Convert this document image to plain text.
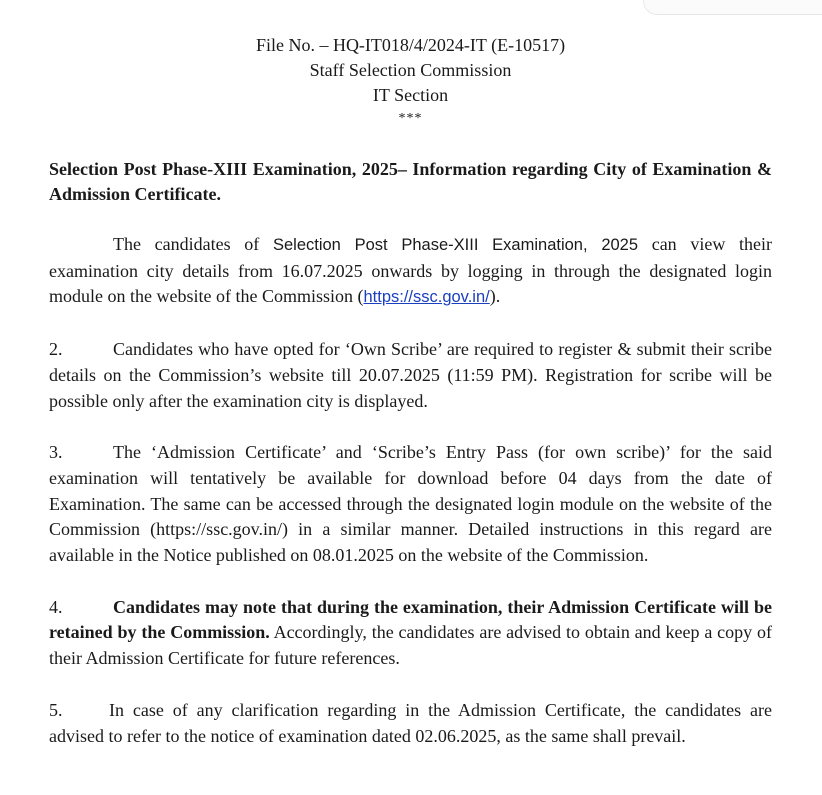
File No. – HQ-IT018/4/2024-IT (E-10517)
Staff Selection Commission
IT Section
***
Selection Post Phase-XIII Examination, 2025– Information regarding City of Examination & Admission Certificate.

The candidates of Selection Post Phase-XIII Examination, 2025 can view their examination city details from 16.07.2025 onwards by logging in through the designated login module on the website of the Commission (https://ssc.gov.in/).

2.	Candidates who have opted for ‘Own Scribe’ are required to register & submit their scribe details on the Commission’s website till 20.07.2025 (11:59 PM). Registration for scribe will be possible only after the examination city is displayed.

3.	The ‘Admission Certificate’ and ‘Scribe’s Entry Pass (for own scribe)’ for the said examination will tentatively be available for download before 04 days from the date of Examination. The same can be accessed through the designated login module on the website of the Commission (https://ssc.gov.in/) in a similar manner. Detailed instructions in this regard are available in the Notice published on 08.01.2025 on the website of the Commission.

4.	Candidates may note that during the examination, their Admission Certificate will be retained by the Commission. Accordingly, the candidates are advised to obtain and keep a copy of their Admission Certificate for future references.

5.	In case of any clarification regarding in the Admission Certificate, the candidates are advised to refer to the notice of examination dated 02.06.2025, as the same shall prevail.
